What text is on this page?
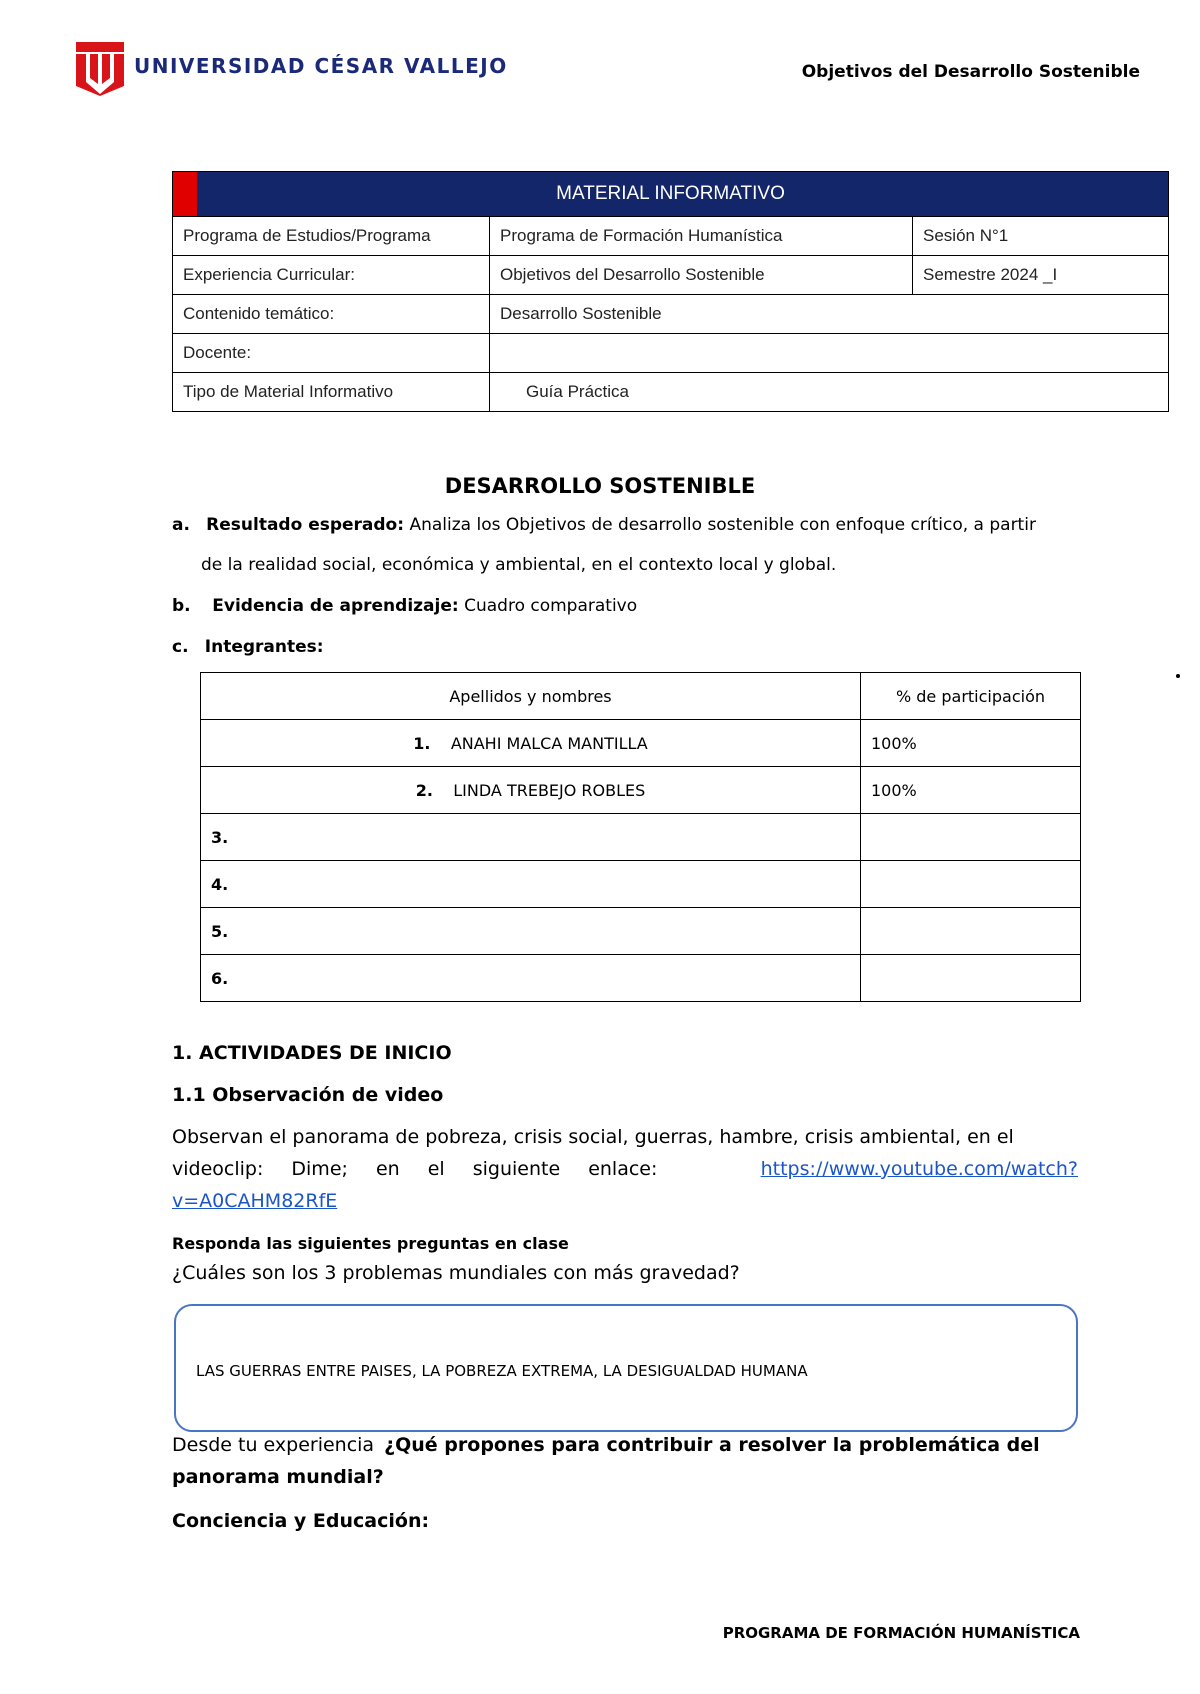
UNIVERSIDAD CÉSAR VALLEJO	Objetivos del Desarrollo Sostenible
MATERIAL INFORMATIVO		
Programa de Estudios/Programa	Programa de Formación Humanística	Sesión N°1
Experiencia Curricular:	Objetivos del Desarrollo Sostenible	Semestre 2024 _I
Contenido temático:	Desarrollo Sostenible	
Docente:		
Tipo de Material Informativo	Guía Práctica	
DESARROLLO SOSTENIBLE
a. Resultado esperado: Analiza los Objetivos de desarrollo sostenible con enfoque crítico, a partir
de la realidad social, económica y ambiental, en el contexto local y global.
b. Evidencia de aprendizaje: Cuadro comparativo
c. Integrantes:
Apellidos y nombres	% de participación
1. ANAHI MALCA MANTILLA	100%
2. LINDA TREBEJO ROBLES	100%
3.	
4.	
5.	
6.	
1. ACTIVIDADES DE INICIO
1.1 Observación de video
Observan el panorama de pobreza, crisis social, guerras, hambre, crisis ambiental, en el
videoclip: Dime; en el siguiente enlace:	https://www.youtube.com/watch?
v=A0CAHM82RfE
Responda las siguientes preguntas en clase
¿Cuáles son los 3 problemas mundiales con más gravedad?
LAS GUERRAS ENTRE PAISES, LA POBREZA EXTREMA, LA DESIGUALDAD HUMANA
Desde tu experiencia ¿Qué propones para contribuir a resolver la problemática del
panorama mundial?
Conciencia y Educación:
PROGRAMA DE FORMACIÓN HUMANÍSTICA
